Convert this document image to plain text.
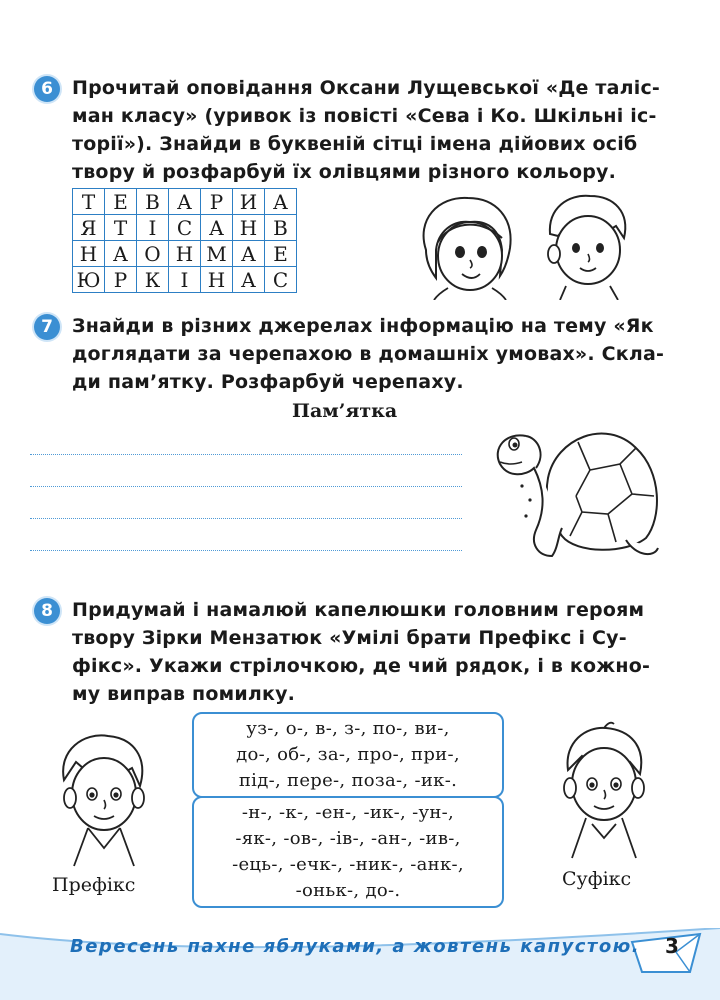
6	Прочитай оповідання Оксани Лущевської «Де таліс-
ман класу» (уривок із повісті «Сева і Ко. Шкільні іс-
торії»). Знайди в буквеній сітці імена дійових осіб
твору й розфарбуй їх олівцями різного кольору.
Т	Е	В	А	Р	И	А
Я	Т	І	С	А	Н	В
Н	А	О	Н	М	А	Е
Ю	Р	К	І	Н	А	С
7	Знайди в різних джерелах інформацію на тему «Як
доглядати за черепахою в домашніх умовах». Скла-
ди пам’ятку. Розфарбуй черепаху.
Пам’ятка
8	Придумай і намалюй капелюшки головним героям
твору Зірки Мензатюк «Умілі брати Префікс і Су-
фікс». Укажи стрілочкою, де чий рядок, і в кожно-
му виправ помилку.
уз-, о-, в-, з-, по-, ви-,
до-, об-, за-, про-, при-,
під-, пере-, поза-, -ик-.
-н-, -к-, -ен-, -ик-, -ун-,
-як-, -ов-, -ів-, -ан-, -ив-,
-ець-, -ечк-, -ник-, -анк-,
-оньк-, до-.
Префікс	Суфікс
Вересень пахне яблуками, а жовтень капустою.	3
